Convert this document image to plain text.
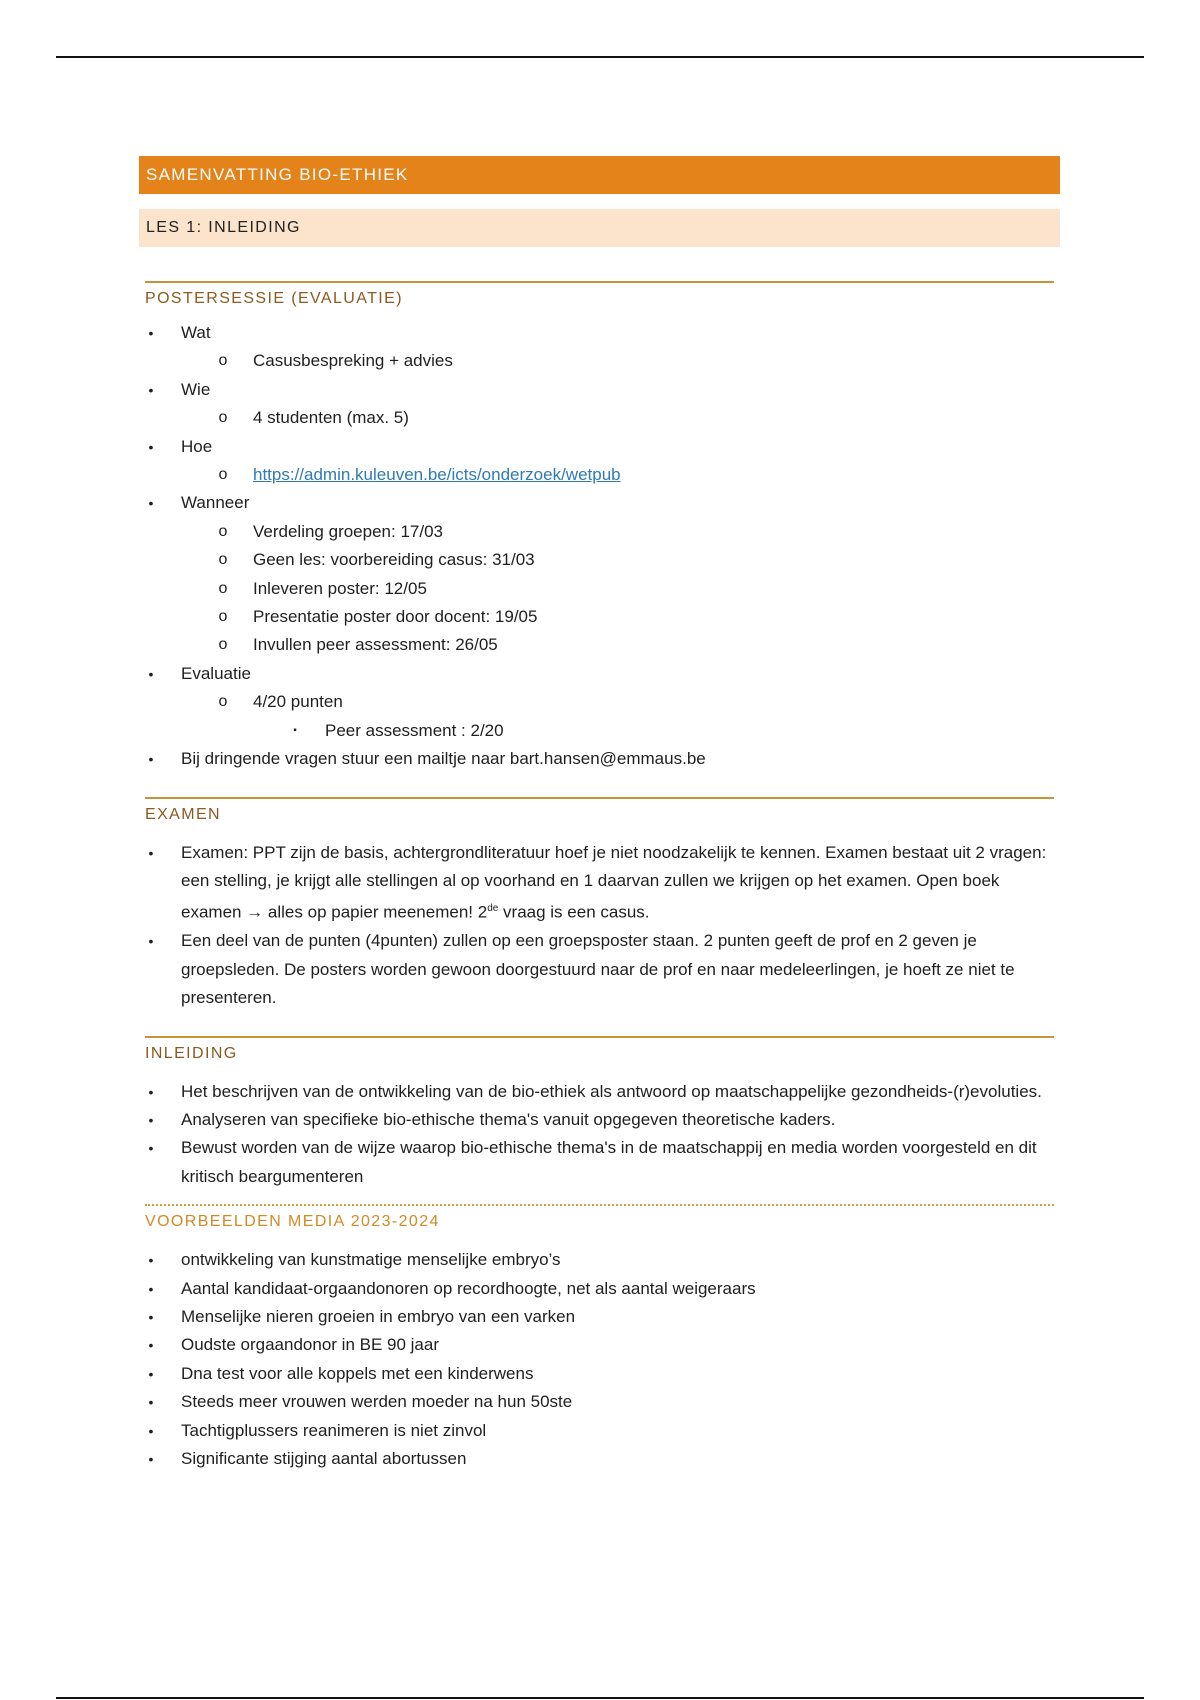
SAMENVATTING BIO-ETHIEK
LES 1: INLEIDING
POSTERSESSIE (EVALUATIE)
• Wat
o Casusbespreking + advies
• Wie
o 4 studenten (max. 5)
• Hoe
o https://admin.kuleuven.be/icts/onderzoek/wetpub
• Wanneer
o Verdeling groepen: 17/03
o Geen les: voorbereiding casus: 31/03
o Inleveren poster: 12/05
o Presentatie poster door docent: 19/05
o Invullen peer assessment: 26/05
• Evaluatie
o 4/20 punten
▪ Peer assessment : 2/20
• Bij dringende vragen stuur een mailtje naar bart.hansen@emmaus.be
EXAMEN
• Examen: PPT zijn de basis, achtergrondliteratuur hoef je niet noodzakelijk te kennen. Examen bestaat uit 2 vragen: een stelling, je krijgt alle stellingen al op voorhand en 1 daarvan zullen we krijgen op het examen. Open boek examen → alles op papier meenemen! 2de vraag is een casus.
• Een deel van de punten (4punten) zullen op een groepsposter staan. 2 punten geeft de prof en 2 geven je groepsleden. De posters worden gewoon doorgestuurd naar de prof en naar medeleerlingen, je hoeft ze niet te presenteren.
INLEIDING
• Het beschrijven van de ontwikkeling van de bio-ethiek als antwoord op maatschappelijke gezondheids-(r)evoluties.
• Analyseren van specifieke bio-ethische thema's vanuit opgegeven theoretische kaders.
• Bewust worden van de wijze waarop bio-ethische thema's in de maatschappij en media worden voorgesteld en dit kritisch beargumenteren
VOORBEELDEN MEDIA 2023-2024
• ontwikkeling van kunstmatige menselijke embryo’s
• Aantal kandidaat-orgaandonoren op recordhoogte, net als aantal weigeraars
• Menselijke nieren groeien in embryo van een varken
• Oudste orgaandonor in BE 90 jaar
• Dna test voor alle koppels met een kinderwens
• Steeds meer vrouwen werden moeder na hun 50ste
• Tachtigplussers reanimeren is niet zinvol
• Significante stijging aantal abortussen
